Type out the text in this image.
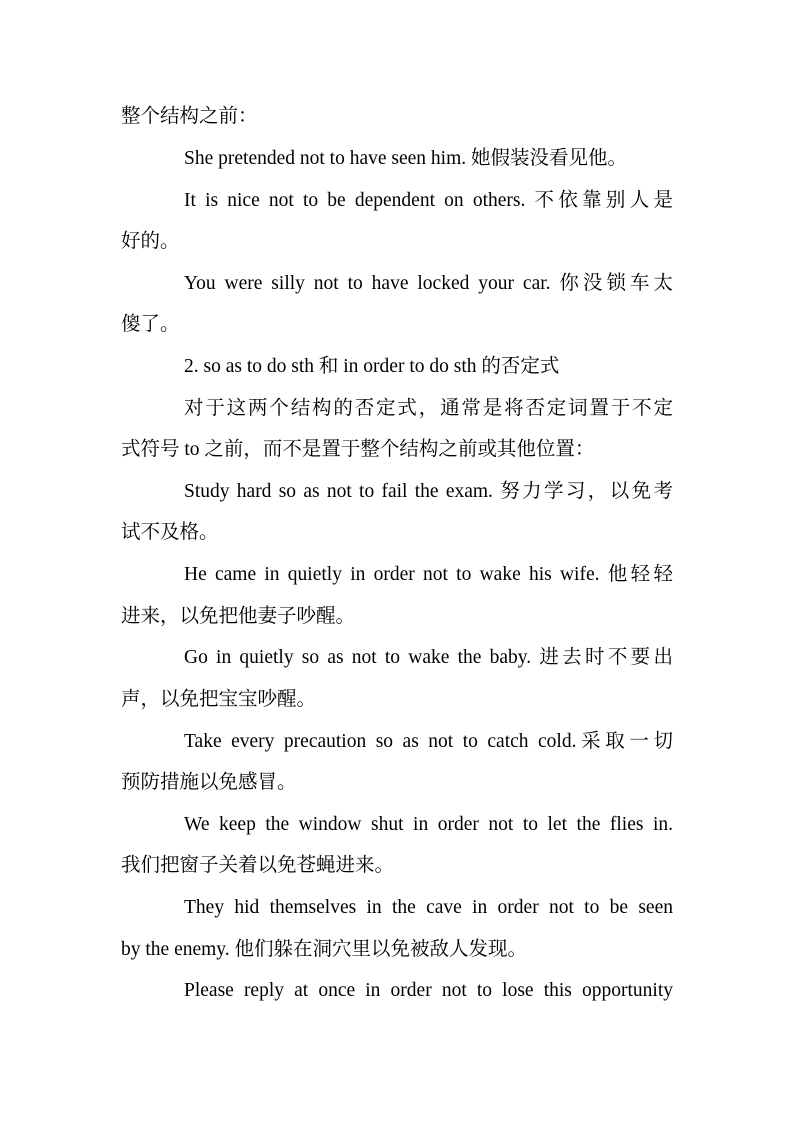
整个结构之前：
She pretended not to have seen him. 她假装没看见他。
It is nice not to be dependent on others. 不依靠别人是
好的。
You were silly not to have locked your car. 你没锁车太
傻了。
2. so as to do sth 和 in order to do sth 的否定式
对于这两个结构的否定式，通常是将否定词置于不定
式符号 to 之前，而不是置于整个结构之前或其他位置：
Study hard so as not to fail the exam. 努力学习，以免考
试不及格。
He came in quietly in order not to wake his wife. 他轻轻
进来，以免把他妻子吵醒。
Go in quietly so as not to wake the baby. 进去时不要出
声，以免把宝宝吵醒。
Take every precaution so as not to catch cold.采取一切
预防措施以免感冒。
We keep the window shut in order not to let the flies in.
我们把窗子关着以免苍蝇进来。
They hid themselves in the cave in order not to be seen
by the enemy. 他们躲在洞穴里以免被敌人发现。
Please reply at once in order not to lose this opportunity
